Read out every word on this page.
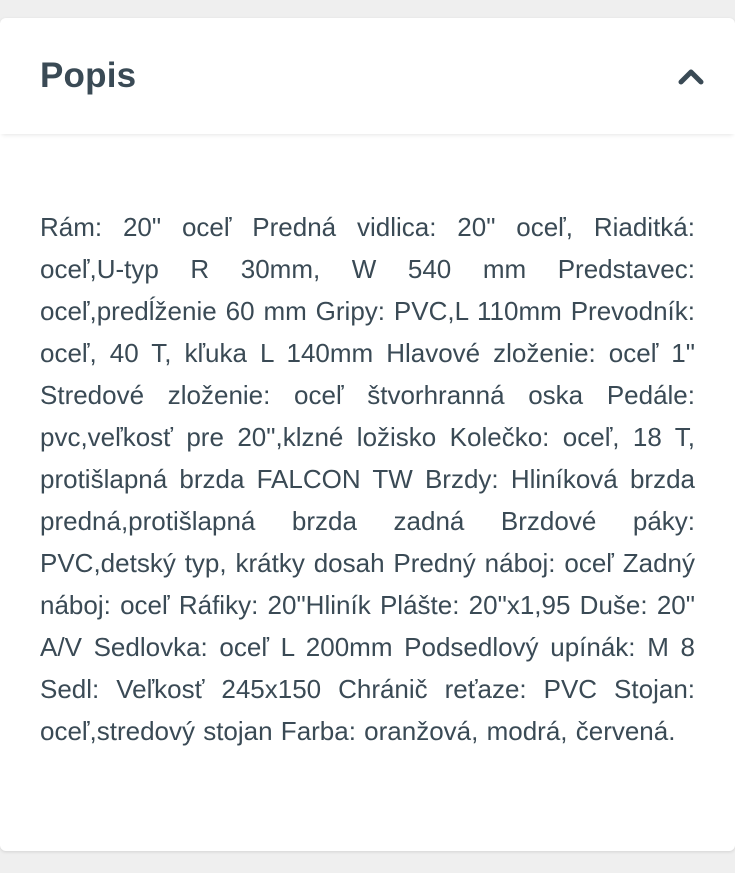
Popis

Rám: 20" oceľ Predná vidlica: 20" oceľ, Riaditká: oceľ,U-typ R 30mm, W 540 mm Predstavec: oceľ,predĺženie 60 mm Gripy: PVC,L 110mm Prevodník: oceľ, 40 T, kľuka L 140mm Hlavové zloženie: oceľ 1" Stredové zloženie: oceľ štvorhranná oska Pedále: pvc,veľkosť pre 20",klzné ložisko Kolečko: oceľ, 18 T, protišlapná brzda FALCON TW Brzdy: Hliníková brzda predná,protišlapná brzda zadná Brzdové páky: PVC,detský typ, krátky dosah Predný náboj: oceľ Zadný náboj: oceľ Ráfiky: 20"Hliník Plášte: 20"x1,95 Duše: 20" A/V Sedlovka: oceľ L 200mm Podsedlový upínák: M 8 Sedl: Veľkosť 245x150 Chránič reťaze: PVC Stojan: oceľ,stredový stojan Farba: oranžová, modrá, červená.
